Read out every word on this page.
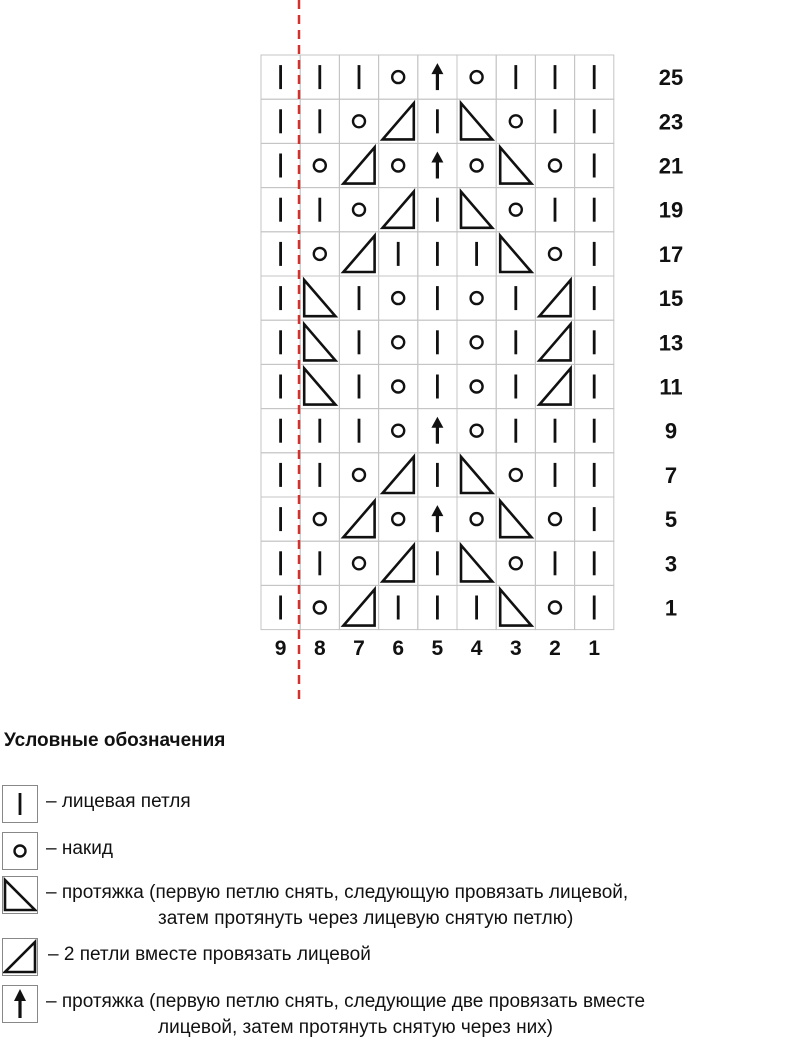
25
23
21
19
17
15
13
11
9
7
5
3
1
9 8 7 6 5 4 3 2 1
Условные обозначения
– лицевая петля
– накид
– протяжка (первую петлю снять, следующую провязать лицевой,
затем протянуть через лицевую снятую петлю)
– 2 петли вместе провязать лицевой
– протяжка (первую петлю снять, следующие две провязать вместе
лицевой, затем протянуть снятую через них)
